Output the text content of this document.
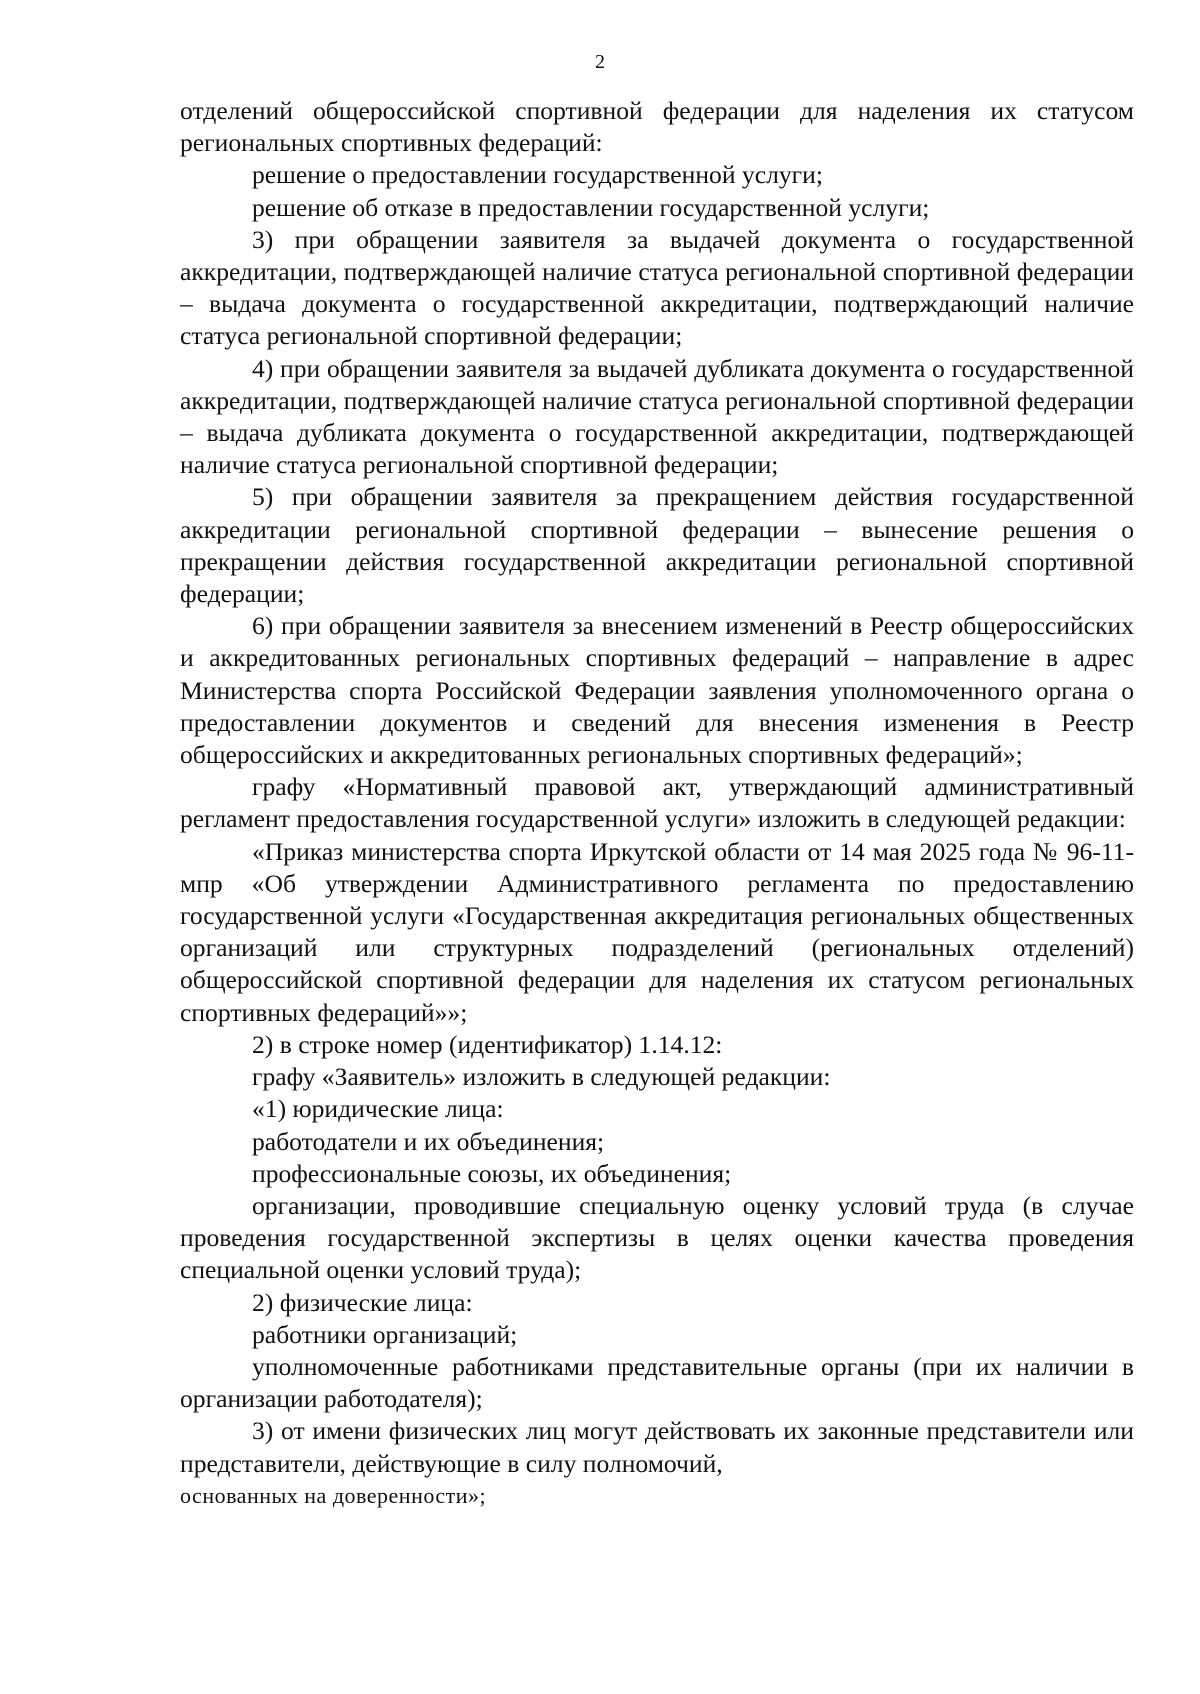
2

отделений общероссийской спортивной федерации для наделения их статусом региональных спортивных федераций:

решение о предоставлении государственной услуги;

решение об отказе в предоставлении государственной услуги;

3) при обращении заявителя за выдачей документа о государственной аккредитации, подтверждающей наличие статуса региональной спортивной федерации – выдача документа о государственной аккредитации, подтверждающий наличие статуса региональной спортивной федерации;

4) при обращении заявителя за выдачей дубликата документа о государственной аккредитации, подтверждающей наличие статуса региональной спортивной федерации – выдача дубликата документа о государственной аккредитации, подтверждающей наличие статуса региональной спортивной федерации;

5) при обращении заявителя за прекращением действия государственной аккредитации региональной спортивной федерации – вынесение решения о прекращении действия государственной аккредитации региональной спортивной федерации;

6) при обращении заявителя за внесением изменений в Реестр общероссийских и аккредитованных региональных спортивных федераций – направление в адрес Министерства спорта Российской Федерации заявления уполномоченного органа о предоставлении документов и сведений для внесения изменения в Реестр общероссийских и аккредитованных региональных спортивных федераций»;

графу «Нормативный правовой акт, утверждающий административный регламент предоставления государственной услуги» изложить в следующей редакции:

«Приказ министерства спорта Иркутской области от 14 мая 2025 года № 96-11-мпр «Об утверждении Административного регламента по предоставлению государственной услуги «Государственная аккредитация региональных общественных организаций или структурных подразделений (региональных отделений) общероссийской спортивной федерации для наделения их статусом региональных спортивных федераций»»;

2) в строке номер (идентификатор) 1.14.12:

графу «Заявитель» изложить в следующей редакции:

«1) юридические лица:

работодатели и их объединения;

профессиональные союзы, их объединения;

организации, проводившие специальную оценку условий труда (в случае проведения государственной экспертизы в целях оценки качества проведения специальной оценки условий труда);

2) физические лица:

работники организаций;

уполномоченные работниками представительные органы (при их наличии в организации работодателя);

3) от имени физических лиц могут действовать их законные представители или представители, действующие в силу полномочий,

основанных на доверенности»;
